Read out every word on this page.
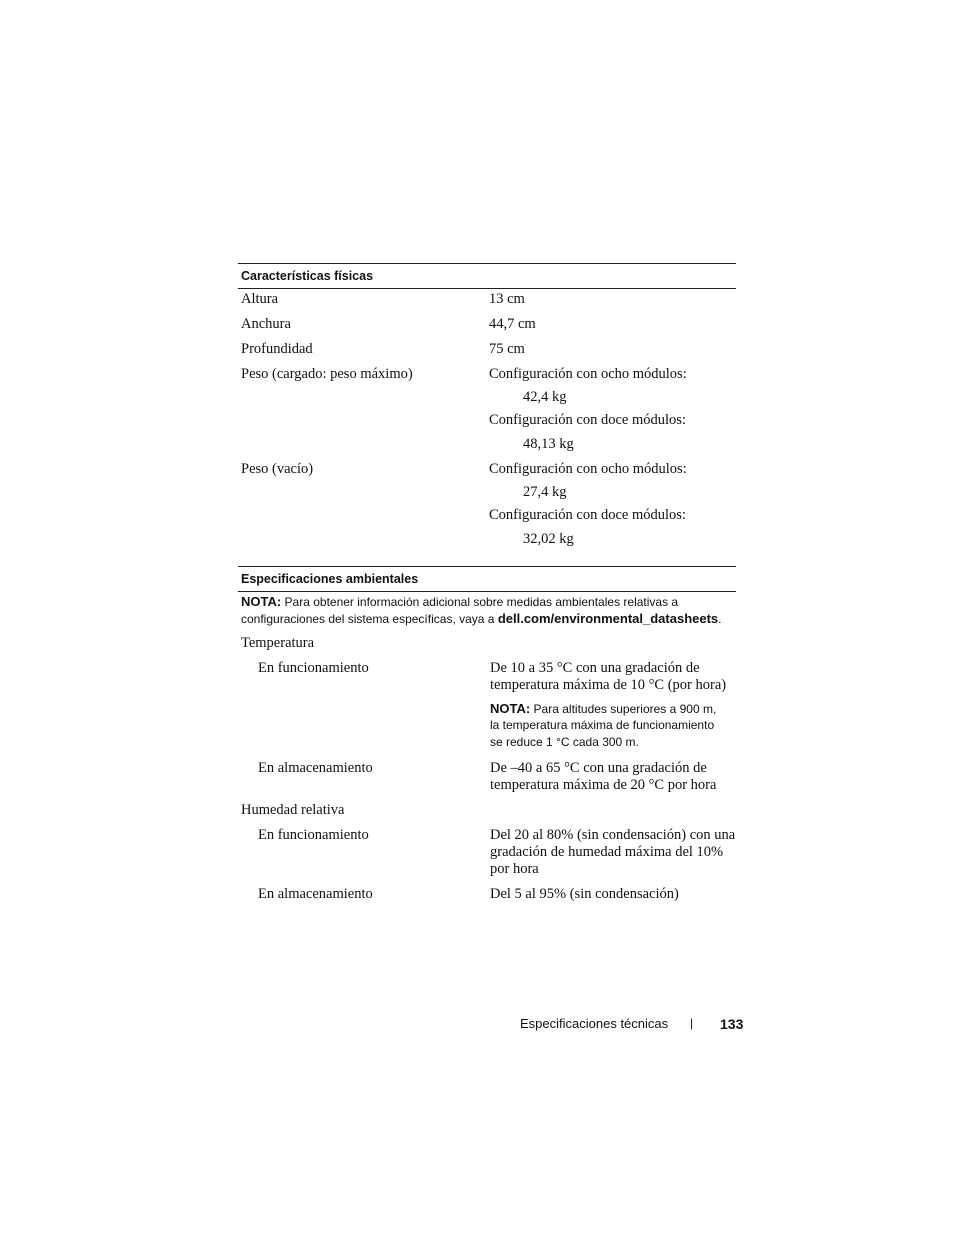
Características físicas
Altura	13 cm
Anchura	44,7 cm
Profundidad	75 cm
Peso (cargado: peso máximo)	Configuración con ocho módulos:
42,4 kg
Configuración con doce módulos:
48,13 kg
Peso (vacío)	Configuración con ocho módulos:
27,4 kg
Configuración con doce módulos:
32,02 kg
Especificaciones ambientales
NOTA: Para obtener información adicional sobre medidas ambientales relativas a
configuraciones del sistema específicas, vaya a dell.com/environmental_datasheets.
Temperatura
En funcionamiento	De 10 a 35 °C con una gradación de
temperatura máxima de 10 °C (por hora)
NOTA: Para altitudes superiores a 900 m,
la temperatura máxima de funcionamiento
se reduce 1 °C cada 300 m.
En almacenamiento	De –40 a 65 °C con una gradación de
temperatura máxima de 20 °C por hora
Humedad relativa
En funcionamiento	Del 20 al 80% (sin condensación) con una
gradación de humedad máxima del 10%
por hora
En almacenamiento	Del 5 al 95% (sin condensación)
Especificaciones técnicas | 133
